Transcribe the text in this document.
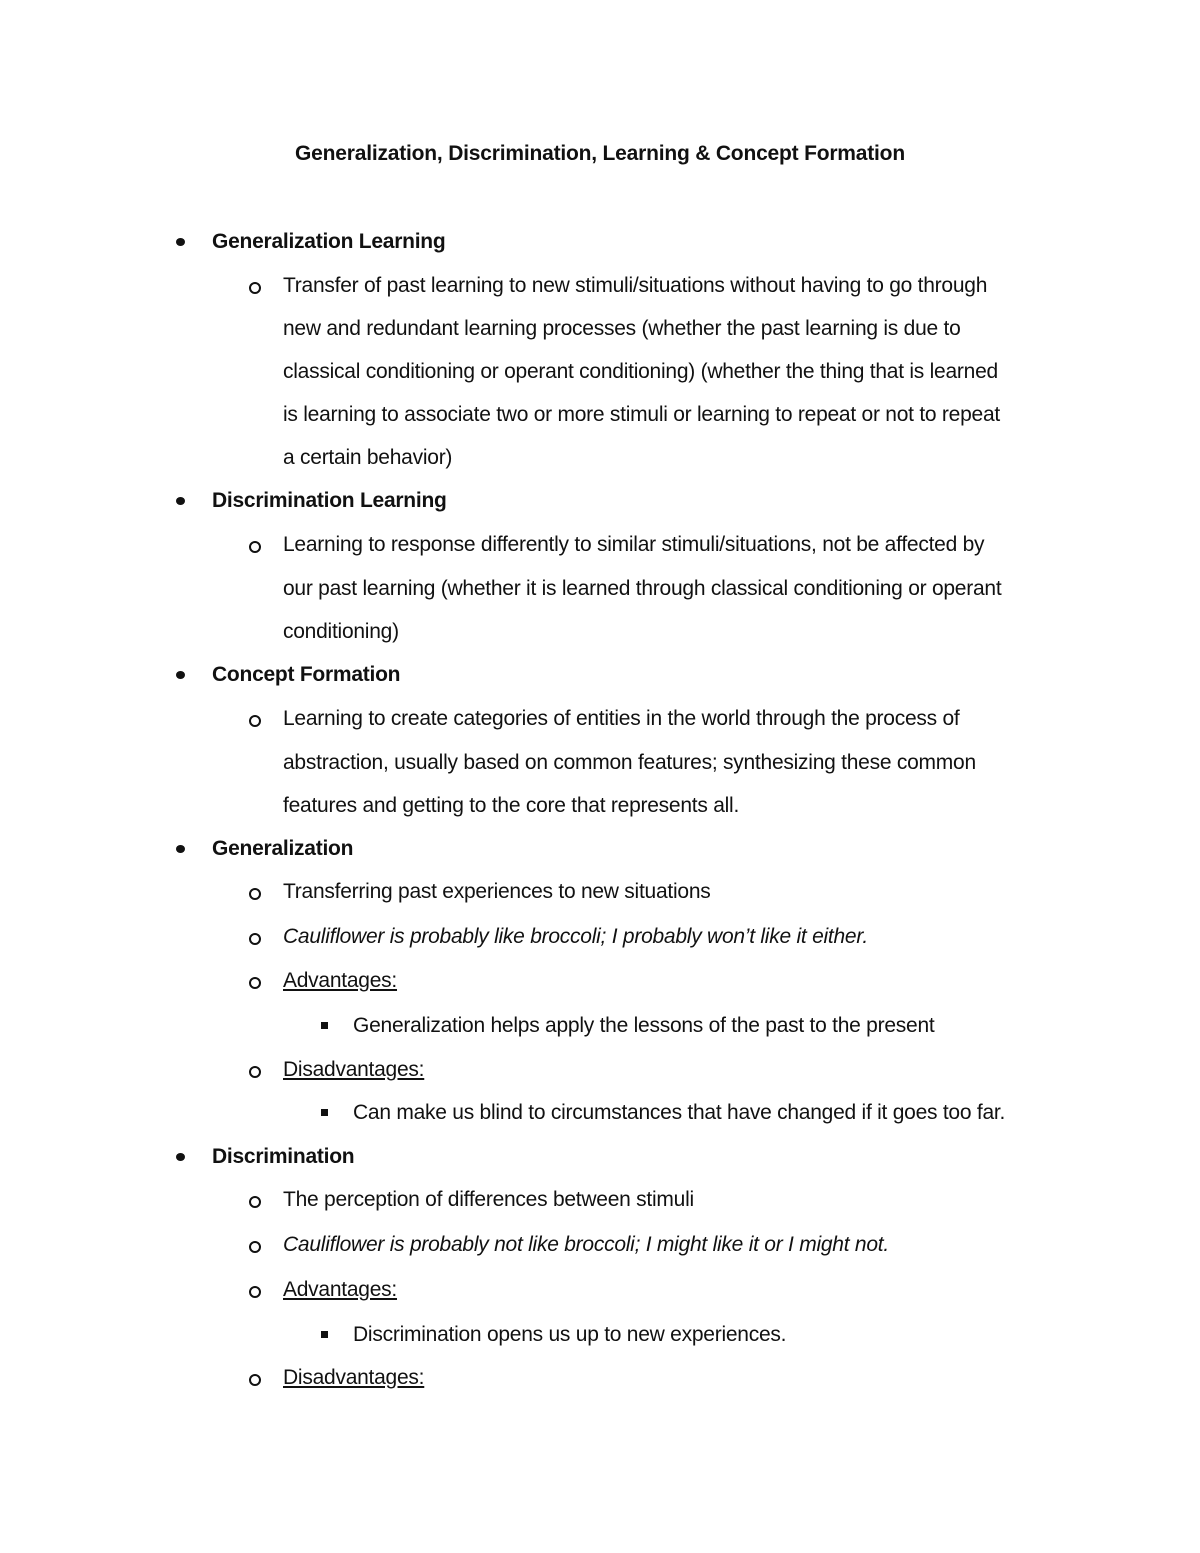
Generalization, Discrimination, Learning & Concept Formation

Generalization Learning

Transfer of past learning to new stimuli/situations without having to go through

new and redundant learning processes (whether the past learning is due to

classical conditioning or operant conditioning) (whether the thing that is learned

is learning to associate two or more stimuli or learning to repeat or not to repeat

a certain behavior)

Discrimination Learning

Learning to response differently to similar stimuli/situations, not be affected by

our past learning (whether it is learned through classical conditioning or operant

conditioning)

Concept Formation

Learning to create categories of entities in the world through the process of

abstraction, usually based on common features; synthesizing these common

features and getting to the core that represents all.

Generalization

Transferring past experiences to new situations

Cauliflower is probably like broccoli; I probably won’t like it either.

Advantages:

Generalization helps apply the lessons of the past to the present

Disadvantages:

Can make us blind to circumstances that have changed if it goes too far.

Discrimination

The perception of differences between stimuli

Cauliflower is probably not like broccoli; I might like it or I might not.

Advantages:

Discrimination opens us up to new experiences.

Disadvantages:
